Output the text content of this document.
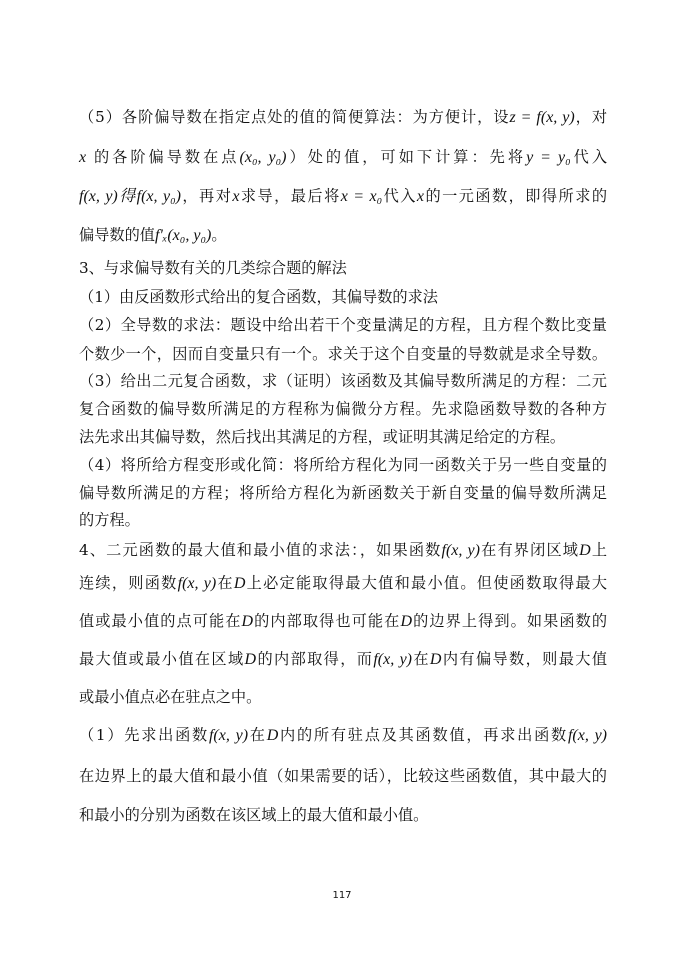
（5）各阶偏导数在指定点处的值的简便算法：为方便计，设z = f(x, y)，对
x 的各阶偏导数在点(x₀, y₀)）处的值，可如下计算：先将y = y₀代入
f(x, y)得f(x, y₀)，再对x求导，最后将x = x₀代入x的一元函数，即得所求的
偏导数的值f'ₓ(x₀, y₀)。
3、与求偏导数有关的几类综合题的解法
（1）由反函数形式给出的复合函数，其偏导数的求法
（2）全导数的求法：题设中给出若干个变量满足的方程，且方程个数比变量
个数少一个，因而自变量只有一个。求关于这个自变量的导数就是求全导数。
（3）给出二元复合函数，求（证明）该函数及其偏导数所满足的方程：二元
复合函数的偏导数所满足的方程称为偏微分方程。先求隐函数导数的各种方
法先求出其偏导数，然后找出其满足的方程，或证明其满足给定的方程。
（4）将所给方程变形或化简：将所给方程化为同一函数关于另一些自变量的
偏导数所满足的方程；将所给方程化为新函数关于新自变量的偏导数所满足
的方程。
4、二元函数的最大值和最小值的求法：，如果函数f(x, y)在有界闭区域D上
连续，则函数f(x, y)在D上必定能取得最大值和最小值。但使函数取得最大
值或最小值的点可能在D的内部取得也可能在D的边界上得到。如果函数的
最大值或最小值在区域D的内部取得，而f(x, y)在D内有偏导数，则最大值
或最小值点必在驻点之中。
（1）先求出函数f(x, y)在D内的所有驻点及其函数值，再求出函数f(x, y)
在边界上的最大值和最小值（如果需要的话），比较这些函数值，其中最大的
和最小的分别为函数在该区域上的最大值和最小值。
117
